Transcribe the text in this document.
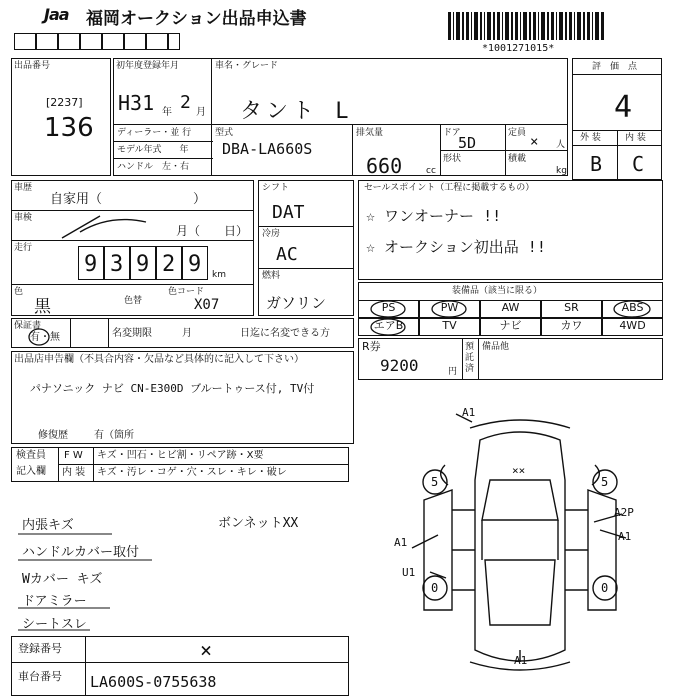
Jaa 福岡オークション出品申込書
*1001271015*
出品番号
[2237]
136
初年度登録年月
H31 年 2 月
車名・グレード
タント L
ディーラー・並 行
モデル年式　　年
ハンドル　左・右
型式
DBA-LA660S
排気量
660	cc
ドア
5D
定員
× 人
形状	積載
kg
評　価　点
4
外 装	内 装
B C
車歴
自家用（　　　　　　　）
車検
月（　　日）
走行
9 3 9 2 9 km
色
黒	色替
色コード
X07
シフト
DAT
冷房
AC
燃料
ガソリン
セールスポイント（工程に掲載するもの）
☆ ワンオーナー !!
☆ オークション初出品 !!
装備品（該当に限る）
PS	PW	AW	SR	ABS
エアB	TV	ナビ	カワ	4WD
保証書
有・無	名変期限　　　月	日迄に名変できる方
R券
9200	円
預託済
備品他
出品店申告欄（不具合内容・欠品など具体的に記入して下さい）
パナソニック ナビ CN-E300D ブルートゥース付, TV付
修復歴	有（箇所
検査員
記入欄
F W キズ・凹石・ヒビ割・リペア跡・X要
内 装 キズ・汚レ・コゲ・穴・スレ・キレ・破レ
内張キズ	ボンネットXX
ハンドルカバー取付
Wカバー キズ
ドアミラー
シートスレ
登録番号	×
車台番号 LA600S-0755638
A1
××
A1
U1
A2P
A1
A1
5	5
0	0
